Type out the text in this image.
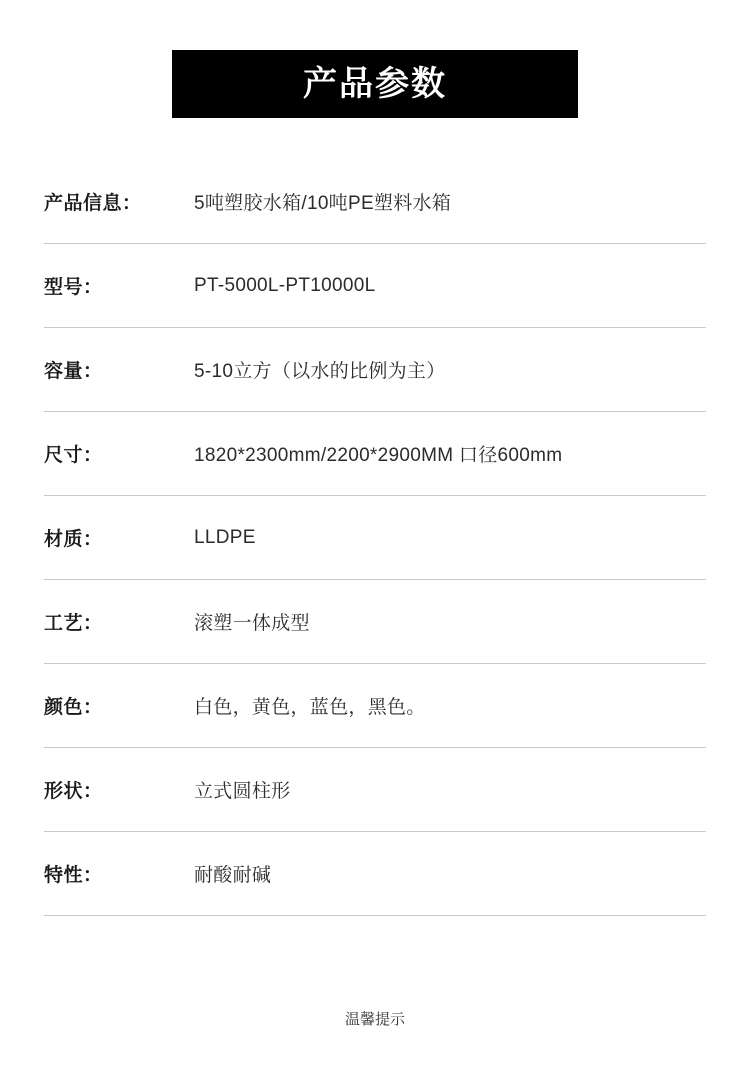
产品参数
产品信息：	5吨塑胶水箱/10吨PE塑料水箱
型号：	PT-5000L-PT10000L
容量：	5-10立方（以水的比例为主）
尺寸：	1820*2300mm/2200*2900MM 口径600mm
材质：	LLDPE
工艺：	滚塑一体成型
颜色：	白色，黄色，蓝色，黑色。
形状：	立式圆柱形
特性：	耐酸耐碱
温馨提示
